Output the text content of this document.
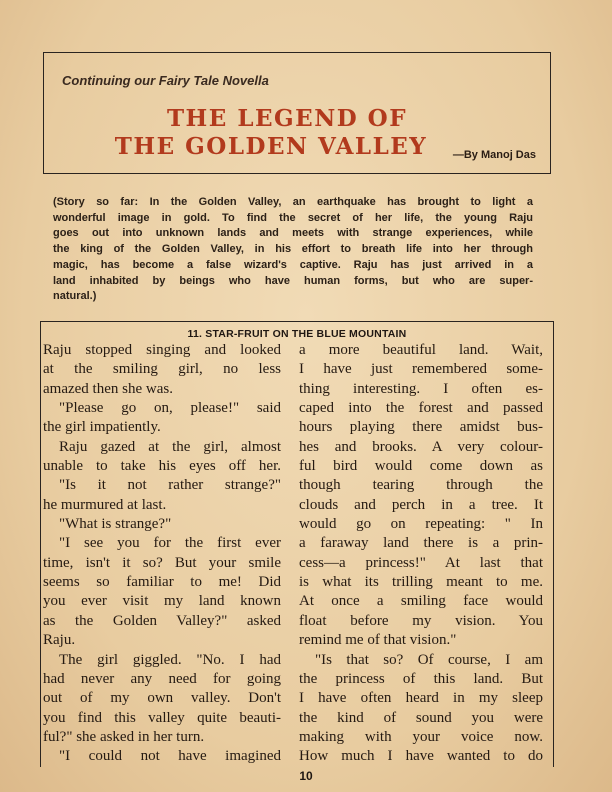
Continuing our Fairy Tale Novella
THE LEGEND OF
THE GOLDEN VALLEY	—By Manoj Das
(Story so far: In the Golden Valley, an earthquake has brought to light a
wonderful image in gold. To find the secret of her life, the young Raju
goes out into unknown lands and meets with strange experiences, while
the king of the Golden Valley, in his effort to breath life into her through
magic, has become a false wizard's captive. Raju has just arrived in a
land inhabited by beings who have human forms, but who are super-
natural.)
11. STAR-FRUIT ON THE BLUE MOUNTAIN
Raju stopped singing and looked
at the smiling girl, no less
amazed then she was.
"Please go on, please!" said
the girl impatiently.
Raju gazed at the girl, almost
unable to take his eyes off her.
"Is it not rather strange?"
he murmured at last.
"What is strange?"
"I see you for the first ever
time, isn't it so? But your smile
seems so familiar to me! Did
you ever visit my land known
as the Golden Valley?" asked
Raju.
The girl giggled. "No. I had
had never any need for going
out of my own valley. Don't
you find this valley quite beauti-
ful?" she asked in her turn.
"I could not have imagined
a more beautiful land. Wait,
I have just remembered some-
thing interesting. I often es-
caped into the forest and passed
hours playing there amidst bus-
hes and brooks. A very colour-
ful bird would come down as
though tearing through the
clouds and perch in a tree. It
would go on repeating: " In
a faraway land there is a prin-
cess—a princess!" At last that
is what its trilling meant to me.
At once a smiling face would
float before my vision. You
remind me of that vision."
"Is that so? Of course, I am
the princess of this land. But
I have often heard in my sleep
the kind of sound you were
making with your voice now.
How much I have wanted to do
10
